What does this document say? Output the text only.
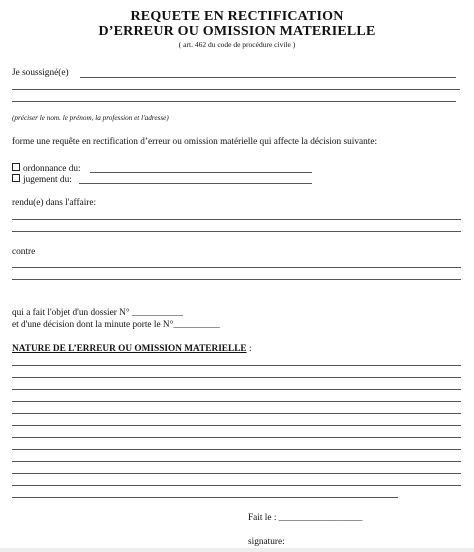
REQUETE EN RECTIFICATION
D’ERREUR OU OMISSION MATERIELLE
( art. 462 du code de procédure civile )
Je soussigné(e)
(préciser le nom. le prénom, la profession et l'adresse)
forme une requête en rectification d’erreur ou omission matérielle qui affecte la décision suivante:
ordonnance du:
jugement du:
rendu(e) dans l'affaire:
contre
qui a fait l'objet d'un dossier N° ___________
et d'une décision dont la minute porte le N°__________
NATURE DE L’ERREUR OU OMISSION MATERIELLE :
Fait le : __________________
signature:
